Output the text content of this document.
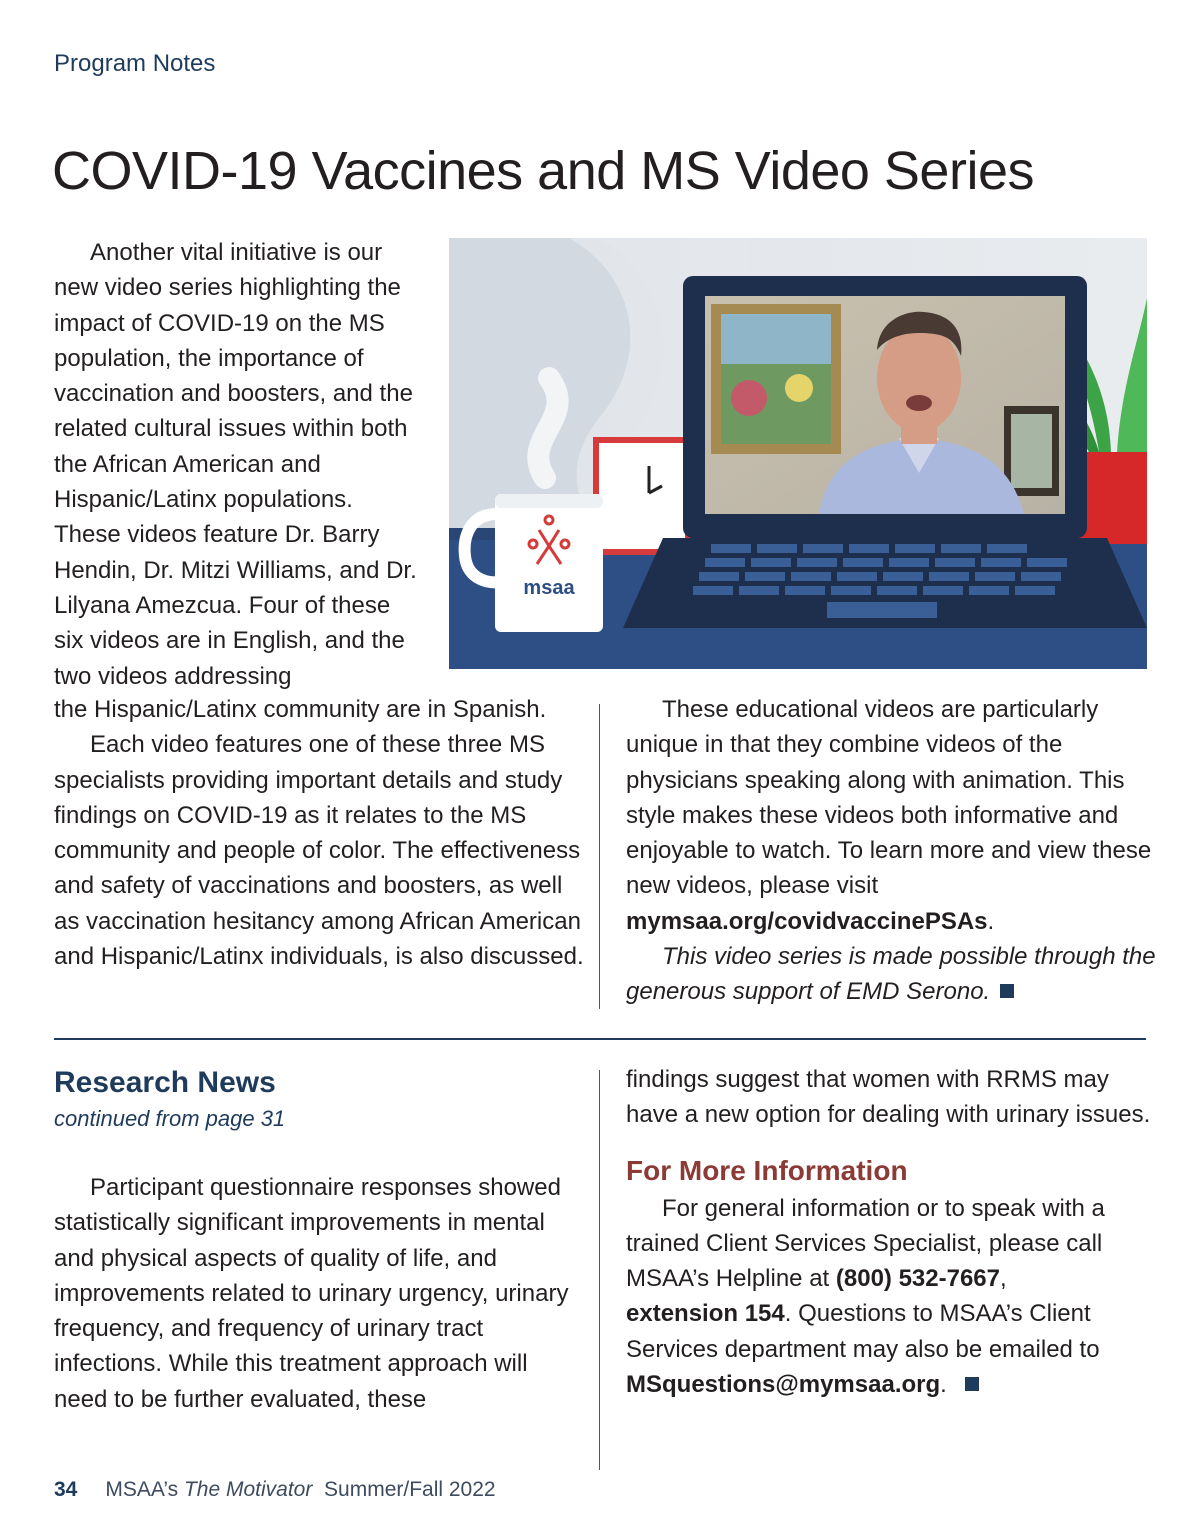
Program Notes
COVID-19 Vaccines and MS Video Series

Another vital initiative is our new video series highlighting the impact of COVID-19 on the MS population, the importance of vaccination and boosters, and the related cultural issues within both the African American and Hispanic/Latinx populations. These videos feature Dr. Barry Hendin, Dr. Mitzi Williams, and Dr. Lilyana Amezcua. Four of these six videos are in English, and the two videos addressing

msaa

the Hispanic/Latinx community are in Spanish.

Each video features one of these three MS specialists providing important details and study findings on COVID-19 as it relates to the MS community and people of color. The effectiveness and safety of vaccinations and boosters, as well as vaccination hesitancy among African American and Hispanic/Latinx individuals, is also discussed.

These educational videos are particularly unique in that they combine videos of the physicians speaking along with animation. This style makes these videos both informative and enjoyable to watch. To learn more and view these new videos, please visit
mymsaa.org/covidvaccinePSAs.

This video series is made possible through the generous support of EMD Serono.

Research News
continued from page 31

Participant questionnaire responses showed statistically significant improvements in mental and physical aspects of quality of life, and improvements related to urinary urgency, urinary frequency, and frequency of urinary tract infections. While this treatment approach will need to be further evaluated, these

findings suggest that women with RRMS may have a new option for dealing with urinary issues.

For More Information

For general information or to speak with a trained Client Services Specialist, please call MSAA’s Helpline at (800) 532-7667,
extension 154. Questions to MSAA’s Client Services department may also be emailed to MSquestions@mymsaa.org.

34 MSAA’s The Motivator Summer/Fall 2022
